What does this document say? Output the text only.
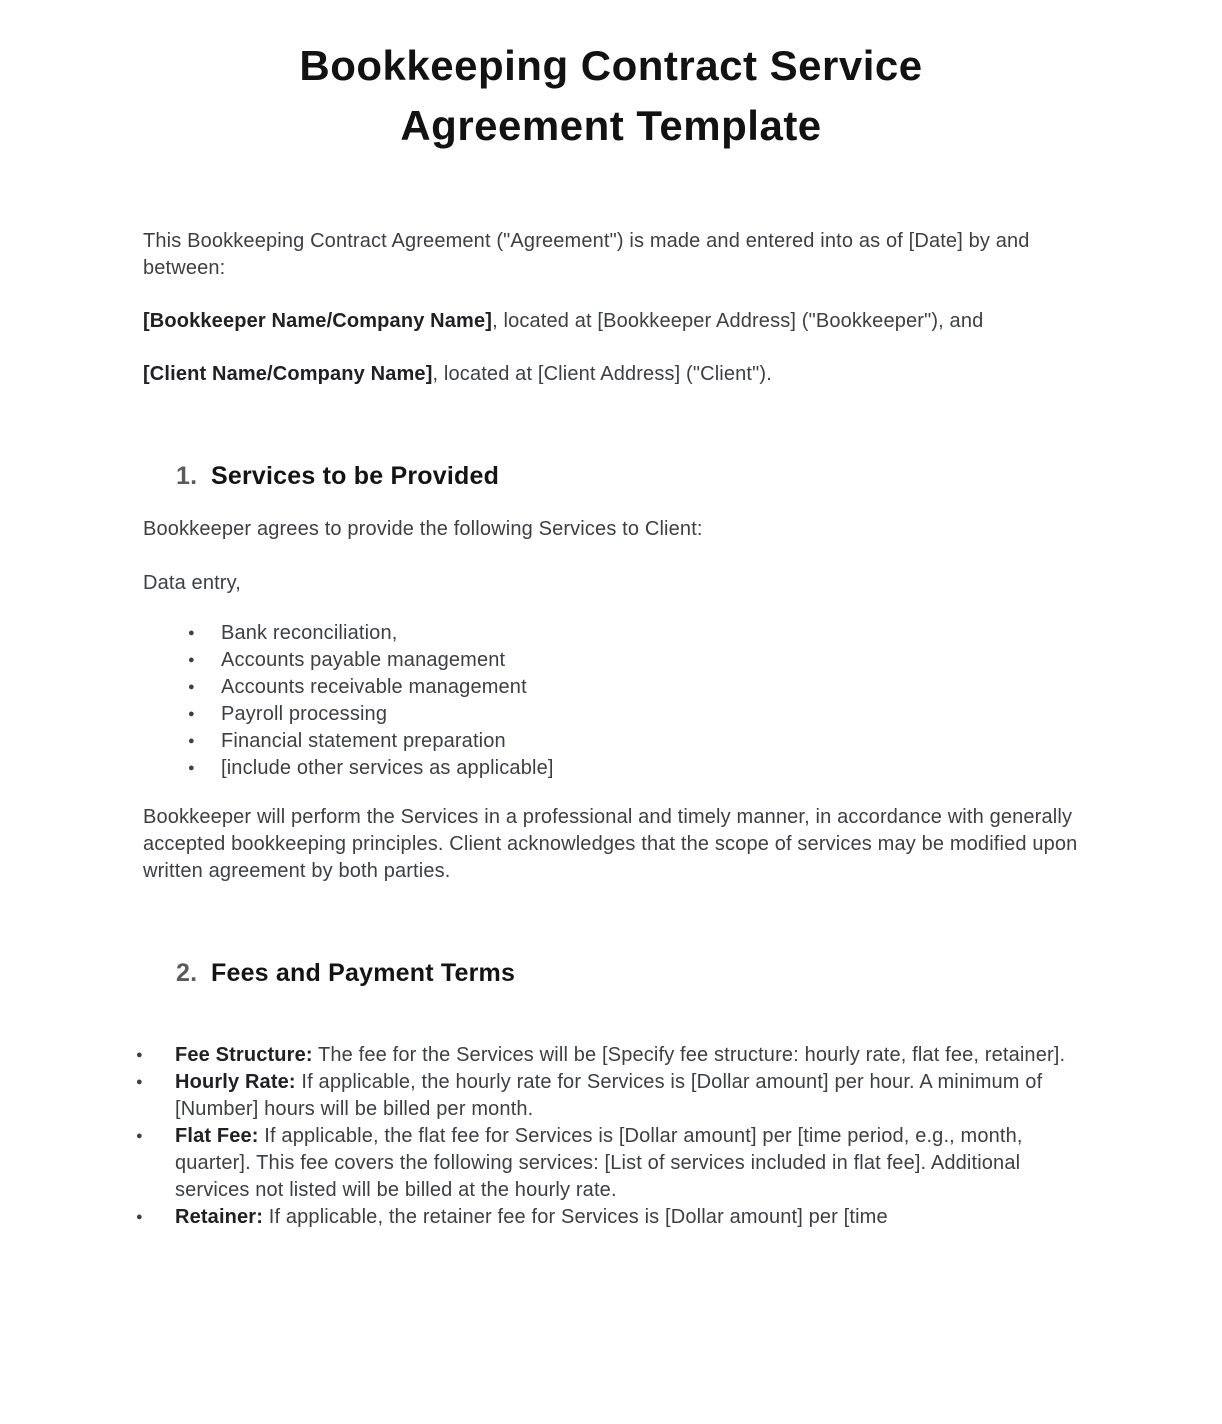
Bookkeeping Contract Service
Agreement Template

This Bookkeeping Contract Agreement ("Agreement") is made and entered into as of [Date] by and between:

[Bookkeeper Name/Company Name], located at [Bookkeeper Address] ("Bookkeeper"), and

[Client Name/Company Name], located at [Client Address] ("Client").

1. Services to be Provided

Bookkeeper agrees to provide the following Services to Client:

Data entry,

● Bank reconciliation,
● Accounts payable management
● Accounts receivable management
● Payroll processing
● Financial statement preparation
● [include other services as applicable]

Bookkeeper will perform the Services in a professional and timely manner, in accordance with generally accepted bookkeeping principles. Client acknowledges that the scope of services may be modified upon written agreement by both parties.

2. Fees and Payment Terms
● Fee Structure: The fee for the Services will be [Specify fee structure: hourly rate, flat fee, retainer].
● Hourly Rate: If applicable, the hourly rate for Services is [Dollar amount] per hour. A minimum of [Number] hours will be billed per month.
● Flat Fee: If applicable, the flat fee for Services is [Dollar amount] per [time period, e.g., month, quarter]. This fee covers the following services: [List of services included in flat fee]. Additional services not listed will be billed at the hourly rate.
● Retainer: If applicable, the retainer fee for Services is [Dollar amount] per [time
